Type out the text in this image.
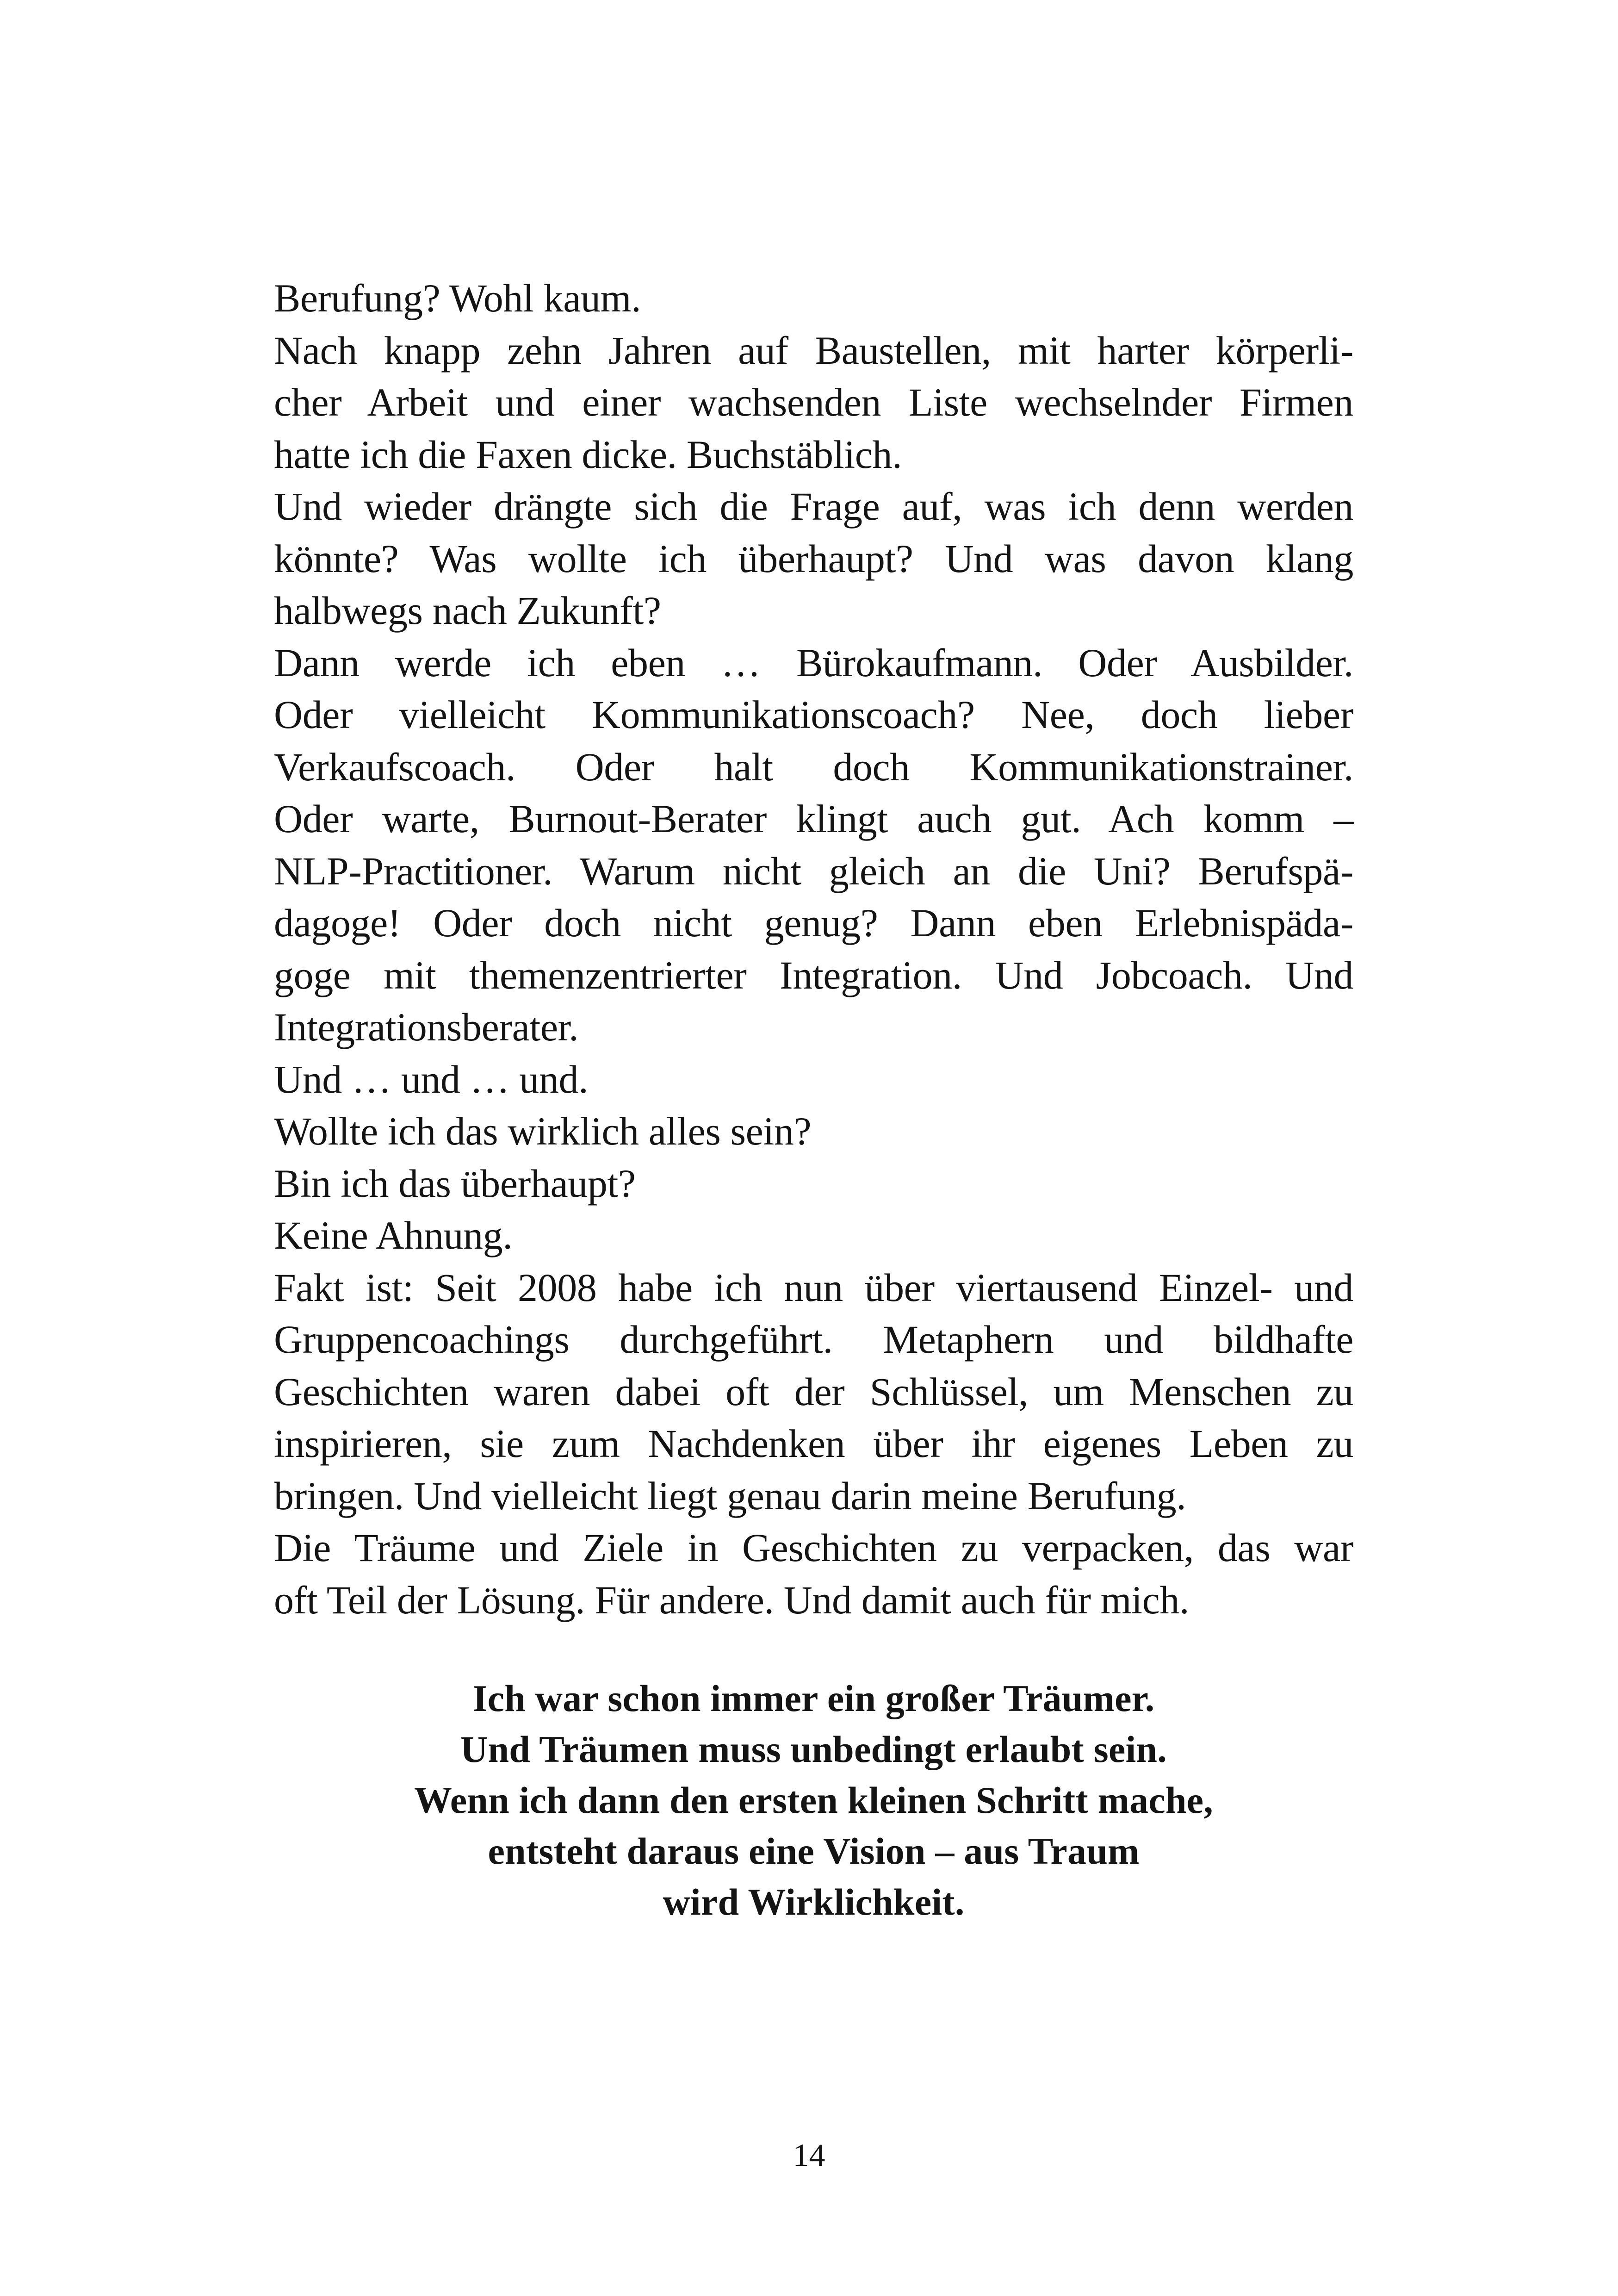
Berufung? Wohl kaum.
Nach knapp zehn Jahren auf Baustellen, mit harter körperli-
cher Arbeit und einer wachsenden Liste wechselnder Firmen
hatte ich die Faxen dicke. Buchstäblich.
Und wieder drängte sich die Frage auf, was ich denn werden
könnte? Was wollte ich überhaupt? Und was davon klang
halbwegs nach Zukunft?
Dann werde ich eben … Bürokaufmann. Oder Ausbilder.
Oder vielleicht Kommunikationscoach? Nee, doch lieber
Verkaufscoach. Oder halt doch Kommunikationstrainer.
Oder warte, Burnout-Berater klingt auch gut. Ach komm –
NLP-Practitioner. Warum nicht gleich an die Uni? Berufspä-
dagoge! Oder doch nicht genug? Dann eben Erlebnispäda-
goge mit themenzentrierter Integration. Und Jobcoach. Und
Integrationsberater.
Und … und … und.
Wollte ich das wirklich alles sein?
Bin ich das überhaupt?
Keine Ahnung.
Fakt ist: Seit 2008 habe ich nun über viertausend Einzel- und
Gruppencoachings durchgeführt. Metaphern und bildhafte
Geschichten waren dabei oft der Schlüssel, um Menschen zu
inspirieren, sie zum Nachdenken über ihr eigenes Leben zu
bringen. Und vielleicht liegt genau darin meine Berufung.
Die Träume und Ziele in Geschichten zu verpacken, das war
oft Teil der Lösung. Für andere. Und damit auch für mich.
Ich war schon immer ein großer Träumer.
Und Träumen muss unbedingt erlaubt sein.
Wenn ich dann den ersten kleinen Schritt mache,
entsteht daraus eine Vision – aus Traum
wird Wirklichkeit.

14
